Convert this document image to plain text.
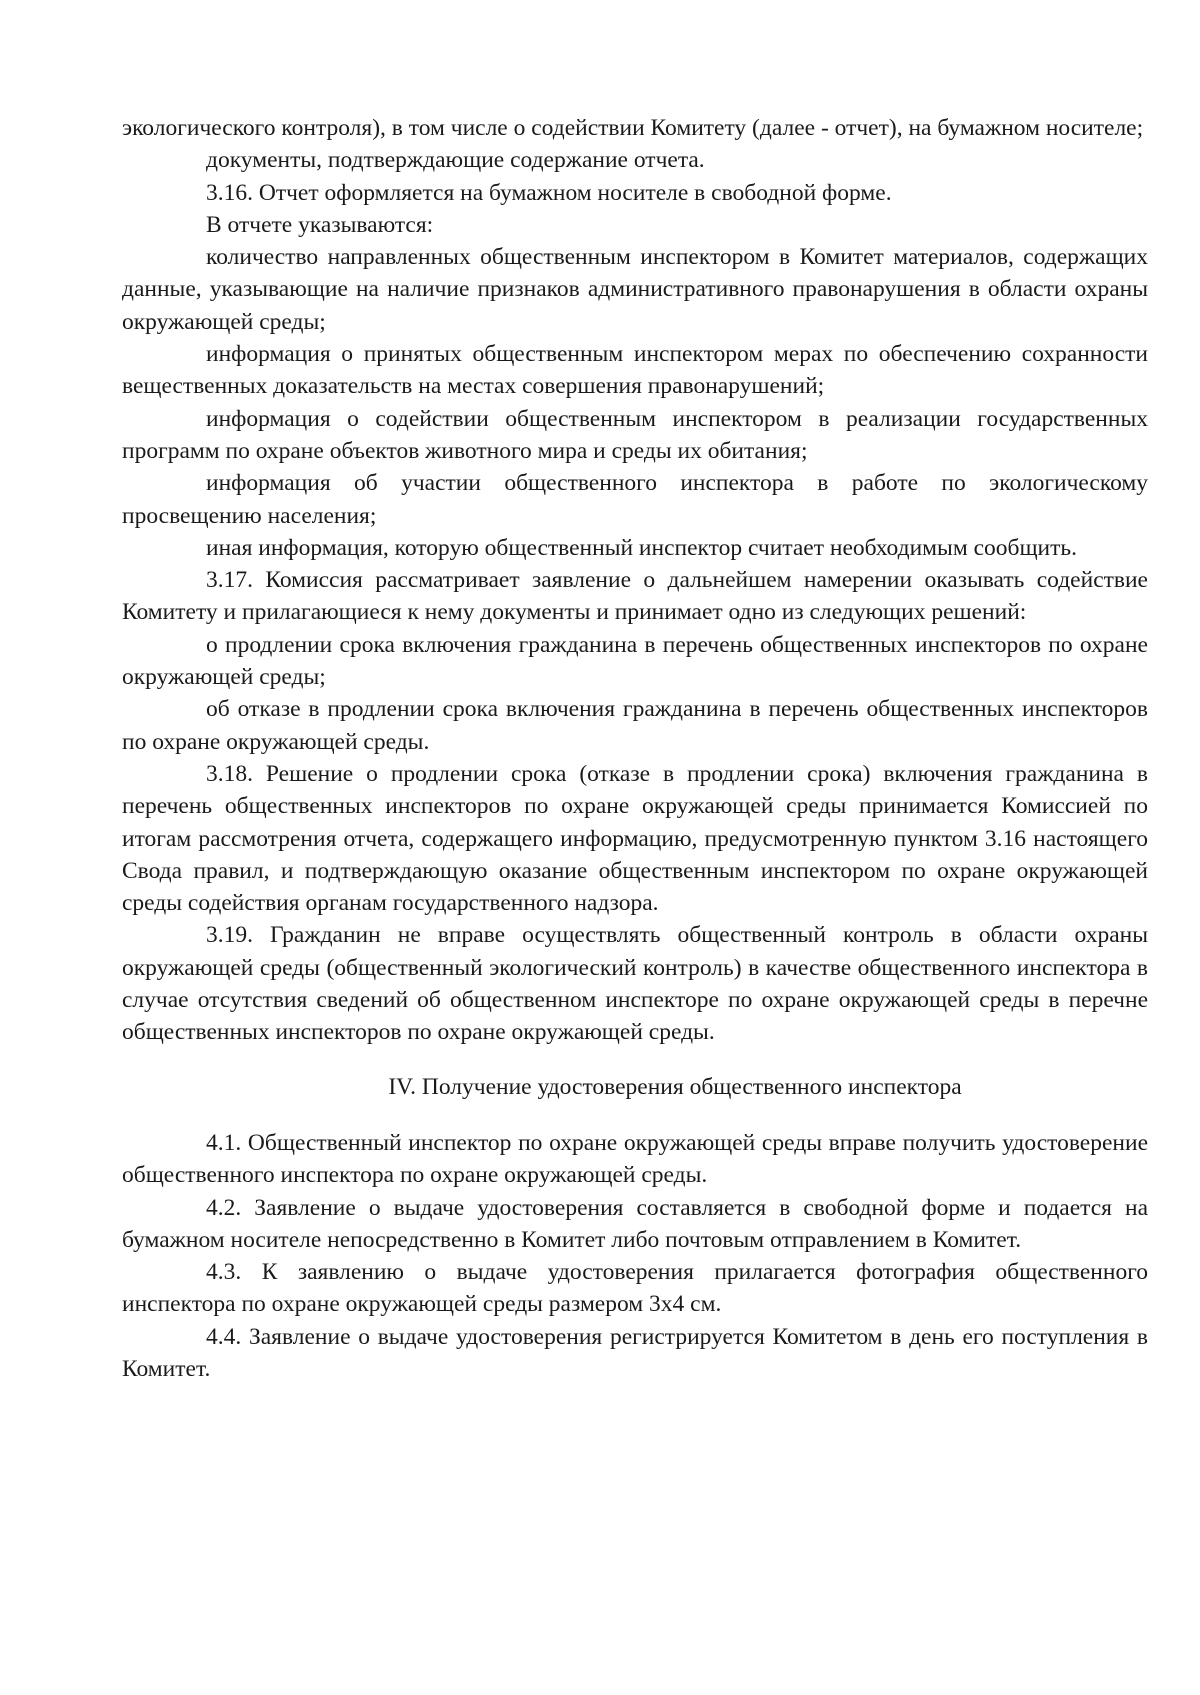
экологического контроля), в том числе о содействии Комитету (далее - отчет), на бумажном носителе;

документы, подтверждающие содержание отчета.

3.16. Отчет оформляется на бумажном носителе в свободной форме.

В отчете указываются:

количество направленных общественным инспектором в Комитет материалов, содержащих данные, указывающие на наличие признаков административного правонарушения в области охраны окружающей среды;

информация о принятых общественным инспектором мерах по обеспечению сохранности вещественных доказательств на местах совершения правонарушений;

информация о содействии общественным инспектором в реализации государственных программ по охране объектов животного мира и среды их обитания;

информация об участии общественного инспектора в работе по экологическому просвещению населения;

иная информация, которую общественный инспектор считает необходимым сообщить.

3.17. Комиссия рассматривает заявление о дальнейшем намерении оказывать содействие Комитету и прилагающиеся к нему документы и принимает одно из следующих решений:

о продлении срока включения гражданина в перечень общественных инспекторов по охране окружающей среды;

об отказе в продлении срока включения гражданина в перечень общественных инспекторов по охране окружающей среды.

3.18. Решение о продлении срока (отказе в продлении срока) включения гражданина в перечень общественных инспекторов по охране окружающей среды принимается Комиссией по итогам рассмотрения отчета, содержащего информацию, предусмотренную пунктом 3.16 настоящего Свода правил, и подтверждающую оказание общественным инспектором по охране окружающей среды содействия органам государственного надзора.

3.19. Гражданин не вправе осуществлять общественный контроль в области охраны окружающей среды (общественный экологический контроль) в качестве общественного инспектора в случае отсутствия сведений об общественном инспекторе по охране окружающей среды в перечне общественных инспекторов по охране окружающей среды.

IV. Получение удостоверения общественного инспектора

4.1. Общественный инспектор по охране окружающей среды вправе получить удостоверение общественного инспектора по охране окружающей среды.

4.2. Заявление о выдаче удостоверения составляется в свободной форме и подается на бумажном носителе непосредственно в Комитет либо почтовым отправлением в Комитет.

4.3. К заявлению о выдаче удостоверения прилагается фотография общественного инспектора по охране окружающей среды размером 3х4 см.

4.4. Заявление о выдаче удостоверения регистрируется Комитетом в день его поступления в Комитет.
